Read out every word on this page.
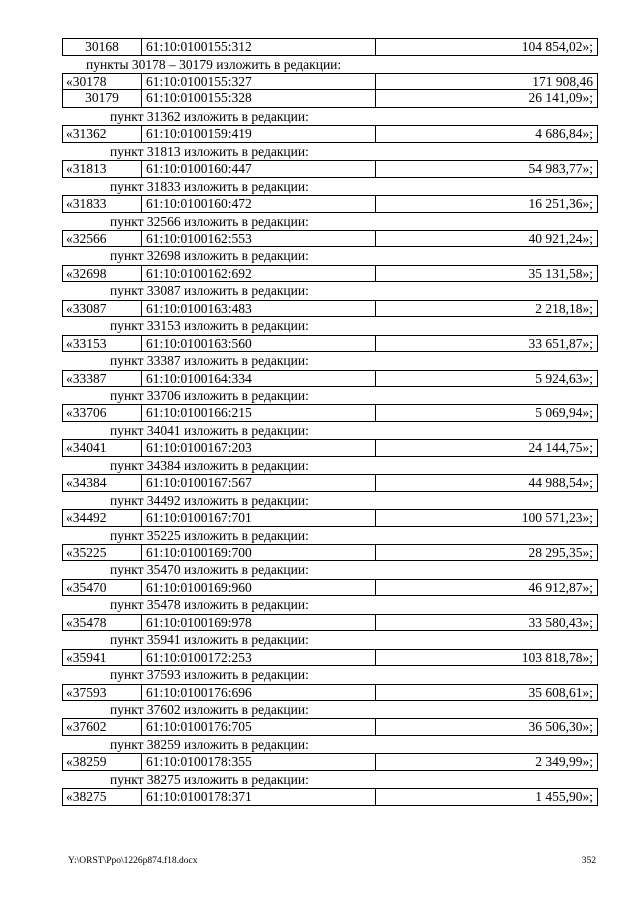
30168	61:10:0100155:312	104 854,02»;
пункты 30178 – 30179 изложить в редакции:
«30178	61:10:0100155:327	171 908,46
30179	61:10:0100155:328	26 141,09»;
пункт 31362 изложить в редакции:
«31362	61:10:0100159:419	4 686,84»;
пункт 31813 изложить в редакции:
«31813	61:10:0100160:447	54 983,77»;
пункт 31833 изложить в редакции:
«31833	61:10:0100160:472	16 251,36»;
пункт 32566 изложить в редакции:
«32566	61:10:0100162:553	40 921,24»;
пункт 32698 изложить в редакции:
«32698	61:10:0100162:692	35 131,58»;
пункт 33087 изложить в редакции:
«33087	61:10:0100163:483	2 218,18»;
пункт 33153 изложить в редакции:
«33153	61:10:0100163:560	33 651,87»;
пункт 33387 изложить в редакции:
«33387	61:10:0100164:334	5 924,63»;
пункт 33706 изложить в редакции:
«33706	61:10:0100166:215	5 069,94»;
пункт 34041 изложить в редакции:
«34041	61:10:0100167:203	24 144,75»;
пункт 34384 изложить в редакции:
«34384	61:10:0100167:567	44 988,54»;
пункт 34492 изложить в редакции:
«34492	61:10:0100167:701	100 571,23»;
пункт 35225 изложить в редакции:
«35225	61:10:0100169:700	28 295,35»;
пункт 35470 изложить в редакции:
«35470	61:10:0100169:960	46 912,87»;
пункт 35478 изложить в редакции:
«35478	61:10:0100169:978	33 580,43»;
пункт 35941 изложить в редакции:
«35941	61:10:0100172:253	103 818,78»;
пункт 37593 изложить в редакции:
«37593	61:10:0100176:696	35 608,61»;
пункт 37602 изложить в редакции:
«37602	61:10:0100176:705	36 506,30»;
пункт 38259 изложить в редакции:
«38259	61:10:0100178:355	2 349,99»;
пункт 38275 изложить в редакции:
«38275	61:10:0100178:371	1 455,90»;
Y:\ORST\Ppo\1226p874.f18.docx	352
